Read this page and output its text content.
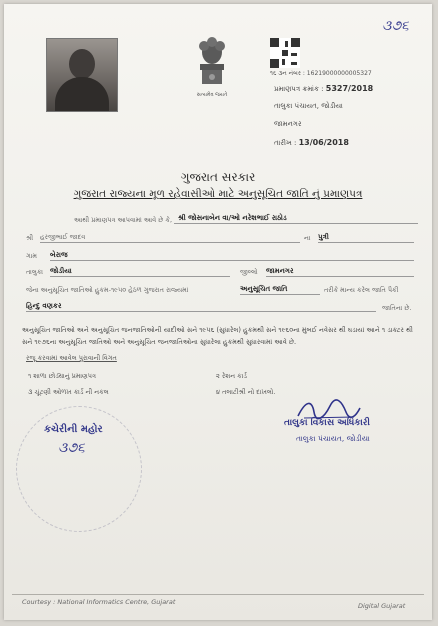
૩૭૬
સત્યમેવ જયતે
૧૬ ૩ન નંબર : 16219000000005327
પ્રમાણપત્ર ક્રમાંક : 5327/2018
તાલુકા પંચાયત, જોડીયા
જામનગર
તારીખ : 13/06/2018
ગુજરાત સરકાર
ગુજરાત રાજ્યના મૂળ રહેવાસીઓ માટે અનુસૂચિત જાતિ નું પ્રમાણપત્ર
આથી પ્રમાણપત્ર આપવામાં આવે છે કે, શ્રી જોસનાબેન વા/ઓ નરેશભાઈ રાઠોડ
શ્રી હરજીભાઈ જાદવ	ના પુત્રી
ગામ બેરાજ
તાલુકા જોડીયા	જીલ્લો જામનગર
જેના અનુસૂચિત જાતિઓ હુકમ-૧૯૫૦ હેઠળ ગુજરાત રાજ્યમાં	અનુસૂચિત જાતિ	તરીકે માન્ય કરેલ જાતિ પૈકી
હિન્દુ વણકર	જાતિના છે.
અનુસૂચિત જાતિઓ અને અનુસૂચિત જનજાતિઓની યાદીઓ સને ૧૯૫૬ (સુધારેલ) હુકમથી સને ૧૯૬૦ના મુંબઈ નવેસર થી ઘડાયાં આને ૧ ડાક્ટર થી સને ૧૯૭૬ના અનુસૂચિત જાતિઓ અને અનુસૂચિત જનજાતિઓના સુધારેલા હુકમથી સુધારવામાં આવે છે.
રજૂ કરવામાં આવેલ પુરાવાની વિગત
૧ શાળા છોડ્યાનું પ્રમાણપત્ર	૨ રેશન કાર્ડ
૩ ચૂંટણી ઓળખ કાર્ડ ની નકલ	૪ તલાટીશ્રી નો દાખલો.
કચેરીની મહોર
૩૭૬
તાલુકા વિકાસ અધિકારી
તાલુકા પંચાયત, જોડીયા
Courtesy : National Informatics Centre, Gujarat	Digital Gujarat
